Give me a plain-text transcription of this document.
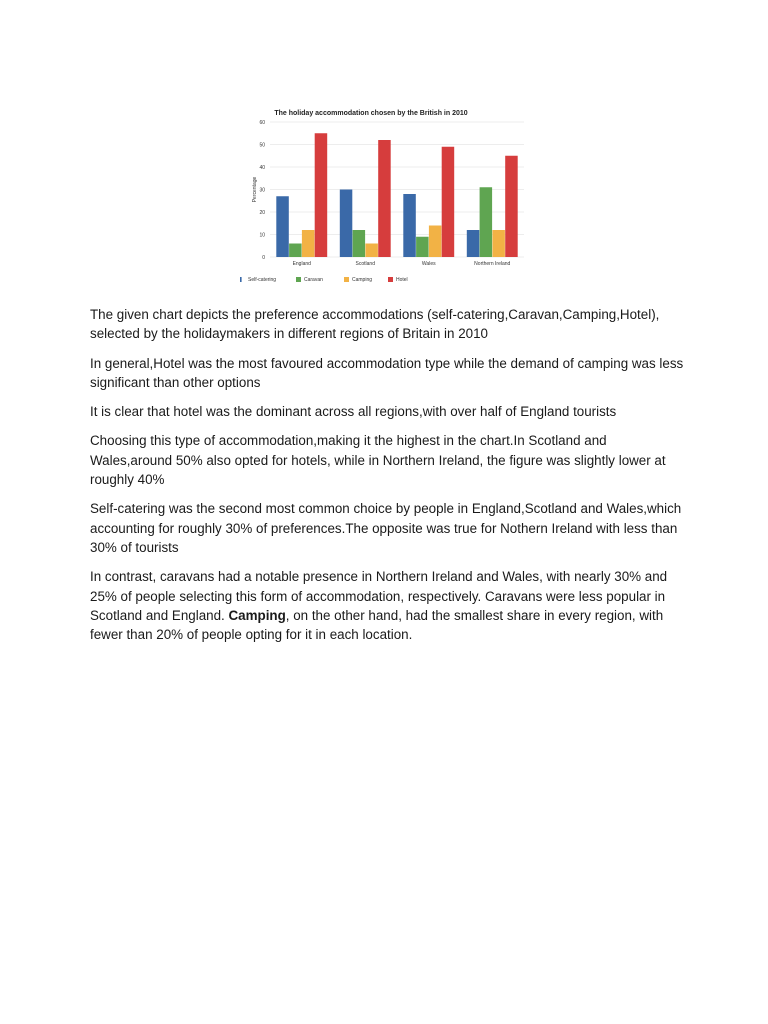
The holiday accommodation chosen by the British in 2010
Percentage
0
10
20
30
40
50
60
England	Scotland	Wales	Northern Ireland
Self-catering	Caravan	Camping	Hotel

The given chart depicts the preference accommodations (self-catering,Caravan,Camping,Hotel), selected by the holidaymakers in different regions of Britain in 2010

In general,Hotel was the most favoured accommodation type while the demand of camping was less significant than other options

It is clear that hotel was the dominant across all regions,with over half of England tourists

Choosing this type of accommodation,making it the highest in the chart.In Scotland and Wales,around 50% also opted for hotels, while in Northern Ireland, the figure was slightly lower at roughly 40%

Self-catering was the second most common choice by people in England,Scotland and Wales,which accounting for roughly 30% of preferences.The opposite was true for Nothern Ireland with less than 30% of tourists

In contrast, caravans had a notable presence in Northern Ireland and Wales, with nearly 30% and 25% of people selecting this form of accommodation, respectively. Caravans were less popular in Scotland and England. Camping, on the other hand, had the smallest share in every region, with fewer than 20% of people opting for it in each location.
